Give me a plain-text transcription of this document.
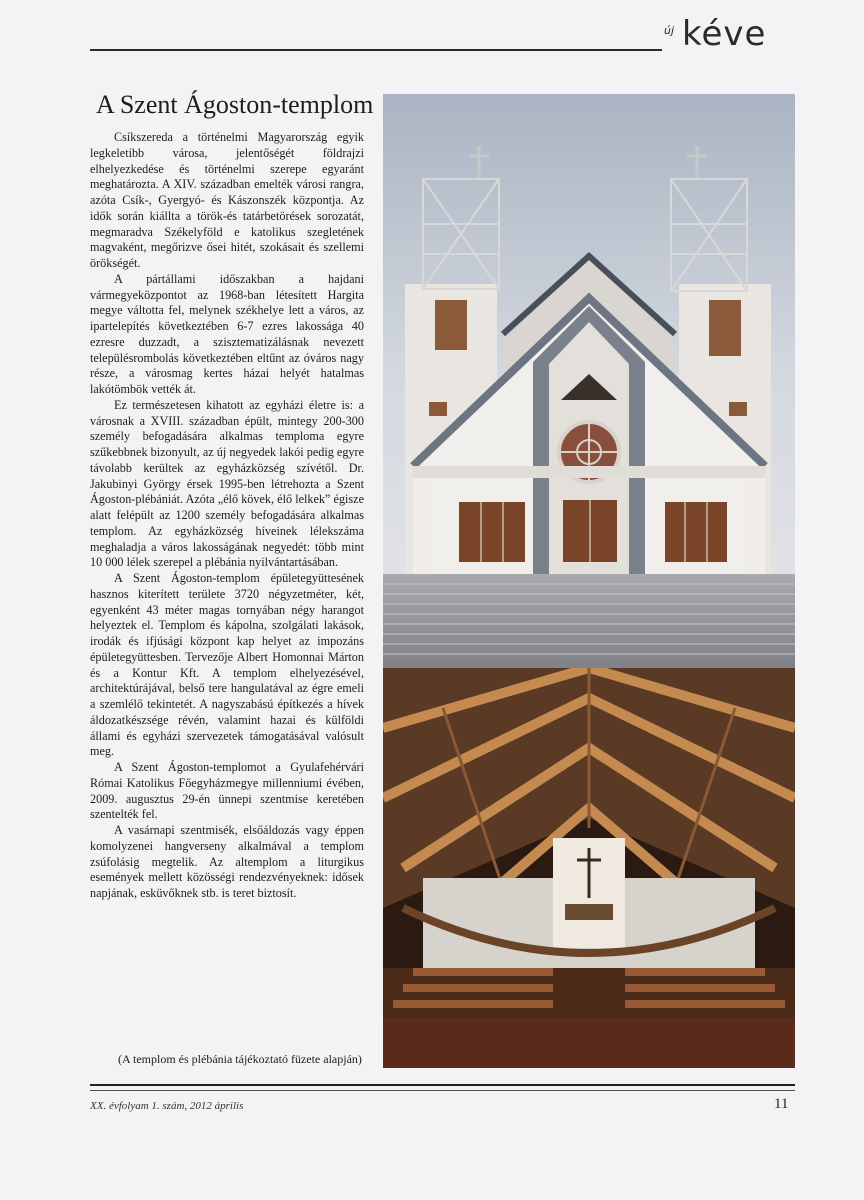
új kéve
A Szent Ágoston-templom

Csíkszereda a történelmi Magyarország egyik legkeletibb városa, jelentőségét földrajzi elhelyezkedése és történelmi szerepe egyaránt meghatározta. A XIV. században emelték városi rangra, azóta Csík-, Gyergyó- és Kászonszék központja. Az idők során kiállta a török-és tatárbetörések sorozatát, megmaradva Székelyföld e katolikus szegletének magvaként, megőrizve ősei hitét, szokásait és szellemi örökségét.

A pártállami időszakban a hajdani vármegyeközpontot az 1968-ban létesített Hargita megye váltotta fel, melynek székhelye lett a város, az ipartelepítés következtében 6-7 ezres lakossága 40 ezresre duzzadt, a szisztematizálásnak nevezett településrombolás következtében eltűnt az óváros nagy része, a városmag kertes házai helyét hatalmas lakótömbök vették át.

Ez természetesen kihatott az egyházi életre is: a városnak a XVIII. században épült, mintegy 200-300 személy befogadására alkalmas temploma egyre szűkebbnek bizonyult, az új negyedek lakói pedig egyre távolabb kerültek az egyházközség szívétől. Dr. Jakubinyi György érsek 1995-ben létrehozta a Szent Ágoston-plébániát. Azóta „élő kövek, élő lelkek” égisze alatt felépült az 1200 személy befogadására alkalmas templom. Az egyházközség híveinek lélekszáma meghaladja a város lakosságának negyedét: több mint 10 000 lélek szerepel a plébánia nyilvántartásában.

A Szent Ágoston-templom épületegyüttesének hasznos kiterített területe 3720 négyzetméter, két, egyenként 43 méter magas tornyában négy harangot helyeztek el. Templom és kápolna, szolgálati lakások, irodák és ifjúsági központ kap helyet az impozáns épületegyüttesben. Tervezője Albert Homonnai Márton és a Kontur Kft. A templom elhelyezésével, architektúrájával, belső tere hangulatával az égre emeli a szemlélő tekintetét. A nagyszabású építkezés a hívek áldozatkészsége révén, valamint hazai és külföldi állami és egyházi szervezetek támogatásával valósult meg.

A Szent Ágoston-templomot a Gyulafehérvári Római Katolikus Főegyházmegye millenniumi évében, 2009. augusztus 29-én ünnepi szentmise keretében szentelték fel.

A vasárnapi szentmisék, elsőáldozás vagy éppen komolyzenei hangverseny alkalmával a templom zsúfolásig megtelik. Az altemplom a liturgikus események mellett közösségi rendezvényeknek: idősek napjának, esküvőknek stb. is teret biztosít.

(A templom és plébánia tájékoztató füzete alapján)
XX. évfolyam 1. szám, 2012 április	11
